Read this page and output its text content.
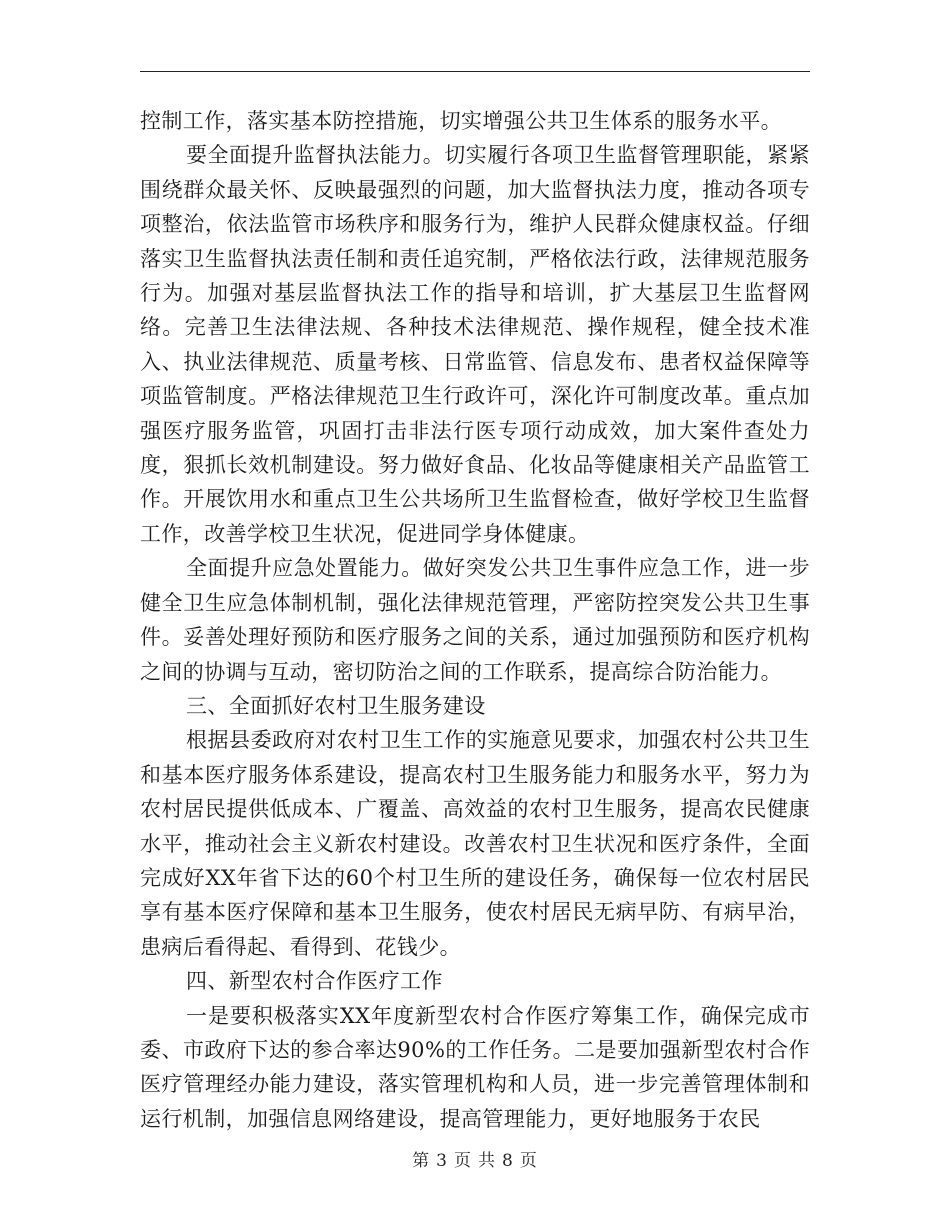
控制工作，落实基本防控措施，切实增强公共卫生体系的服务水平。

要全面提升监督执法能力。切实履行各项卫生监督管理职能，紧紧围绕群众最关怀、反映最强烈的问题，加大监督执法力度，推动各项专项整治，依法监管市场秩序和服务行为，维护人民群众健康权益。仔细落实卫生监督执法责任制和责任追究制，严格依法行政，法律规范服务行为。加强对基层监督执法工作的指导和培训，扩大基层卫生监督网络。完善卫生法律法规、各种技术法律规范、操作规程，健全技术准入、执业法律规范、质量考核、日常监管、信息发布、患者权益保障等项监管制度。严格法律规范卫生行政许可，深化许可制度改革。重点加强医疗服务监管，巩固打击非法行医专项行动成效，加大案件查处力度，狠抓长效机制建设。努力做好食品、化妆品等健康相关产品监管工作。开展饮用水和重点卫生公共场所卫生监督检查，做好学校卫生监督工作，改善学校卫生状况，促进同学身体健康。

全面提升应急处置能力。做好突发公共卫生事件应急工作，进一步健全卫生应急体制机制，强化法律规范管理，严密防控突发公共卫生事件。妥善处理好预防和医疗服务之间的关系，通过加强预防和医疗机构之间的协调与互动，密切防治之间的工作联系，提高综合防治能力。

三、全面抓好农村卫生服务建设

根据县委政府对农村卫生工作的实施意见要求，加强农村公共卫生和基本医疗服务体系建设，提高农村卫生服务能力和服务水平，努力为农村居民提供低成本、广覆盖、高效益的农村卫生服务，提高农民健康水平，推动社会主义新农村建设。改善农村卫生状况和医疗条件，全面完成好XX年省下达的60个村卫生所的建设任务，确保每一位农村居民享有基本医疗保障和基本卫生服务，使农村居民无病早防、有病早治，患病后看得起、看得到、花钱少。

四、新型农村合作医疗工作

一是要积极落实XX年度新型农村合作医疗筹集工作，确保完成市委、市政府下达的参合率达90%的工作任务。二是要加强新型农村合作医疗管理经办能力建设，落实管理机构和人员，进一步完善管理体制和运行机制，加强信息网络建设，提高管理能力，更好地服务于农民

第 3 页 共 8 页
